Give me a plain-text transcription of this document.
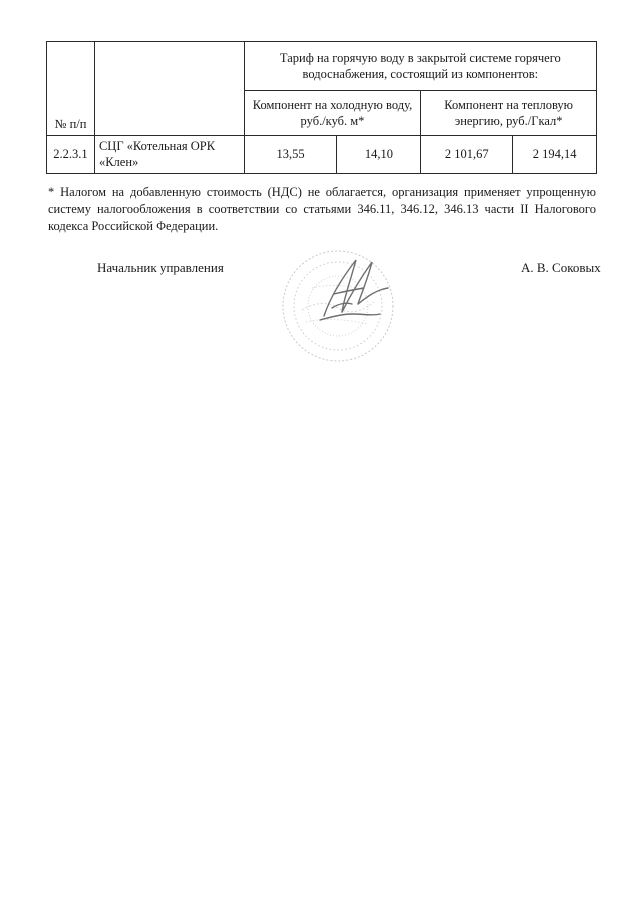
№ п/п		Тариф на горячую воду в закрытой системе горячего водоснабжения, состоящий из компонентов:			
		Компонент на холодную воду, руб./куб. м*		Компонент на тепловую энергию, руб./Гкал*	
2.2.3.1	СЦГ «Котельная ОРК «Клен»	13,55	14,10	2 101,67	2 194,14

* Налогом на добавленную стоимость (НДС) не облагается, организация применяет упрощенную систему налогообложения в соответствии со статьями 346.11, 346.12, 346.13 части II Налогового кодекса Российской Федерации.

Начальник управления	А. В. Соковых
